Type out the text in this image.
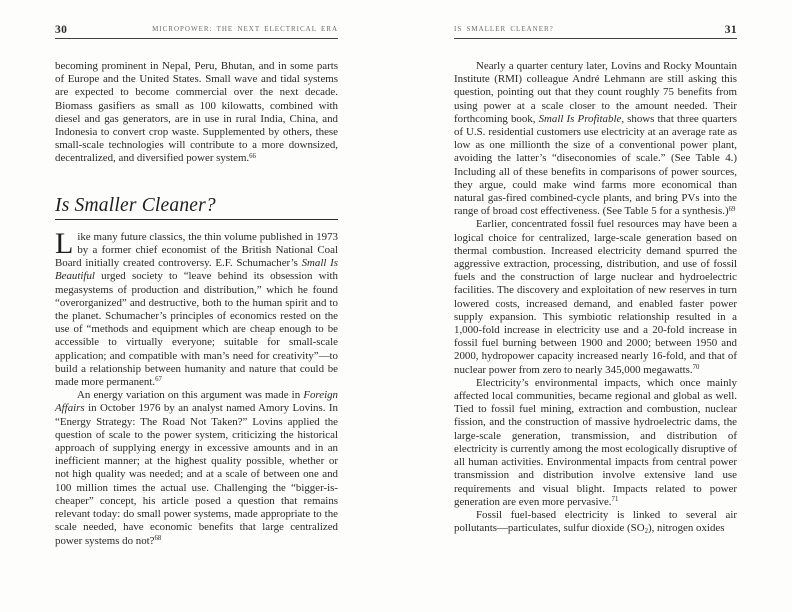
30	MICROPOWER: THE NEXT ELECTRICAL ERA

becoming prominent in Nepal, Peru, Bhutan, and in some parts of Europe and the United States. Small wave and tidal systems are expected to become commercial over the next decade. Biomass gasifiers as small as 100 kilowatts, combined with diesel and gas generators, are in use in rural India, China, and Indonesia to convert crop waste. Supplemented by others, these small-scale technologies will contribute to a more downsized, decentralized, and diversified power system.$^{66}$

Is Smaller Cleaner?

Like many future classics, the thin volume published in 1973 by a former chief economist of the British National Coal Board initially created controversy. E.F. Schumacher’s Small Is Beautiful urged society to “leave behind its obsession with megasystems of production and distribution,” which he found “overorganized” and destructive, both to the human spirit and to the planet. Schumacher’s principles of economics rested on the use of “methods and equipment which are cheap enough to be accessible to virtually everyone; suitable for small-scale application; and compatible with man’s need for creativity”—to build a relationship between humanity and nature that could be made more permanent.$^{67}$

An energy variation on this argument was made in Foreign Affairs in October 1976 by an analyst named Amory Lovins. In “Energy Strategy: The Road Not Taken?” Lovins applied the question of scale to the power system, criticizing the historical approach of supplying energy in excessive amounts and in an inefficient manner; at the highest quality possible, whether or not high quality was needed; and at a scale of between one and 100 million times the actual use. Challenging the “bigger-is-cheaper” concept, his article posed a question that remains relevant today: do small power systems, made appropriate to the scale needed, have economic benefits that large centralized power systems do not?$^{68}$

IS SMALLER CLEANER?	31

Nearly a quarter century later, Lovins and Rocky Mountain Institute (RMI) colleague André Lehmann are still asking this question, pointing out that they count roughly 75 benefits from using power at a scale closer to the amount needed. Their forthcoming book, Small Is Profitable, shows that three quarters of U.S. residential customers use electricity at an average rate as low as one millionth the size of a conventional power plant, avoiding the latter’s “diseconomies of scale.” (See Table 4.) Including all of these benefits in comparisons of power sources, they argue, could make wind farms more economical than natural gas-fired combined-cycle plants, and bring PVs into the range of broad cost effectiveness. (See Table 5 for a synthesis.)$^{69}$

Earlier, concentrated fossil fuel resources may have been a logical choice for centralized, large-scale generation based on thermal combustion. Increased electricity demand spurred the aggressive extraction, processing, distribution, and use of fossil fuels and the construction of large nuclear and hydroelectric facilities. The discovery and exploitation of new reserves in turn lowered costs, increased demand, and enabled faster power supply expansion. This symbiotic relationship resulted in a 1,000-fold increase in electricity use and a 20-fold increase in fossil fuel burning between 1900 and 2000; between 1950 and 2000, hydropower capacity increased nearly 16-fold, and that of nuclear power from zero to nearly 345,000 megawatts.$^{70}$

Electricity’s environmental impacts, which once mainly affected local communities, became regional and global as well. Tied to fossil fuel mining, extraction and combustion, nuclear fission, and the construction of massive hydroelectric dams, the large-scale generation, transmission, and distribution of electricity is currently among the most ecologically disruptive of all human activities. Environmental impacts from central power transmission and distribution involve extensive land use requirements and visual blight. Impacts related to power generation are even more pervasive.$^{71}$

Fossil fuel-based electricity is linked to several air pollutants—particulates, sulfur dioxide $(SO_2)$, nitrogen oxides
